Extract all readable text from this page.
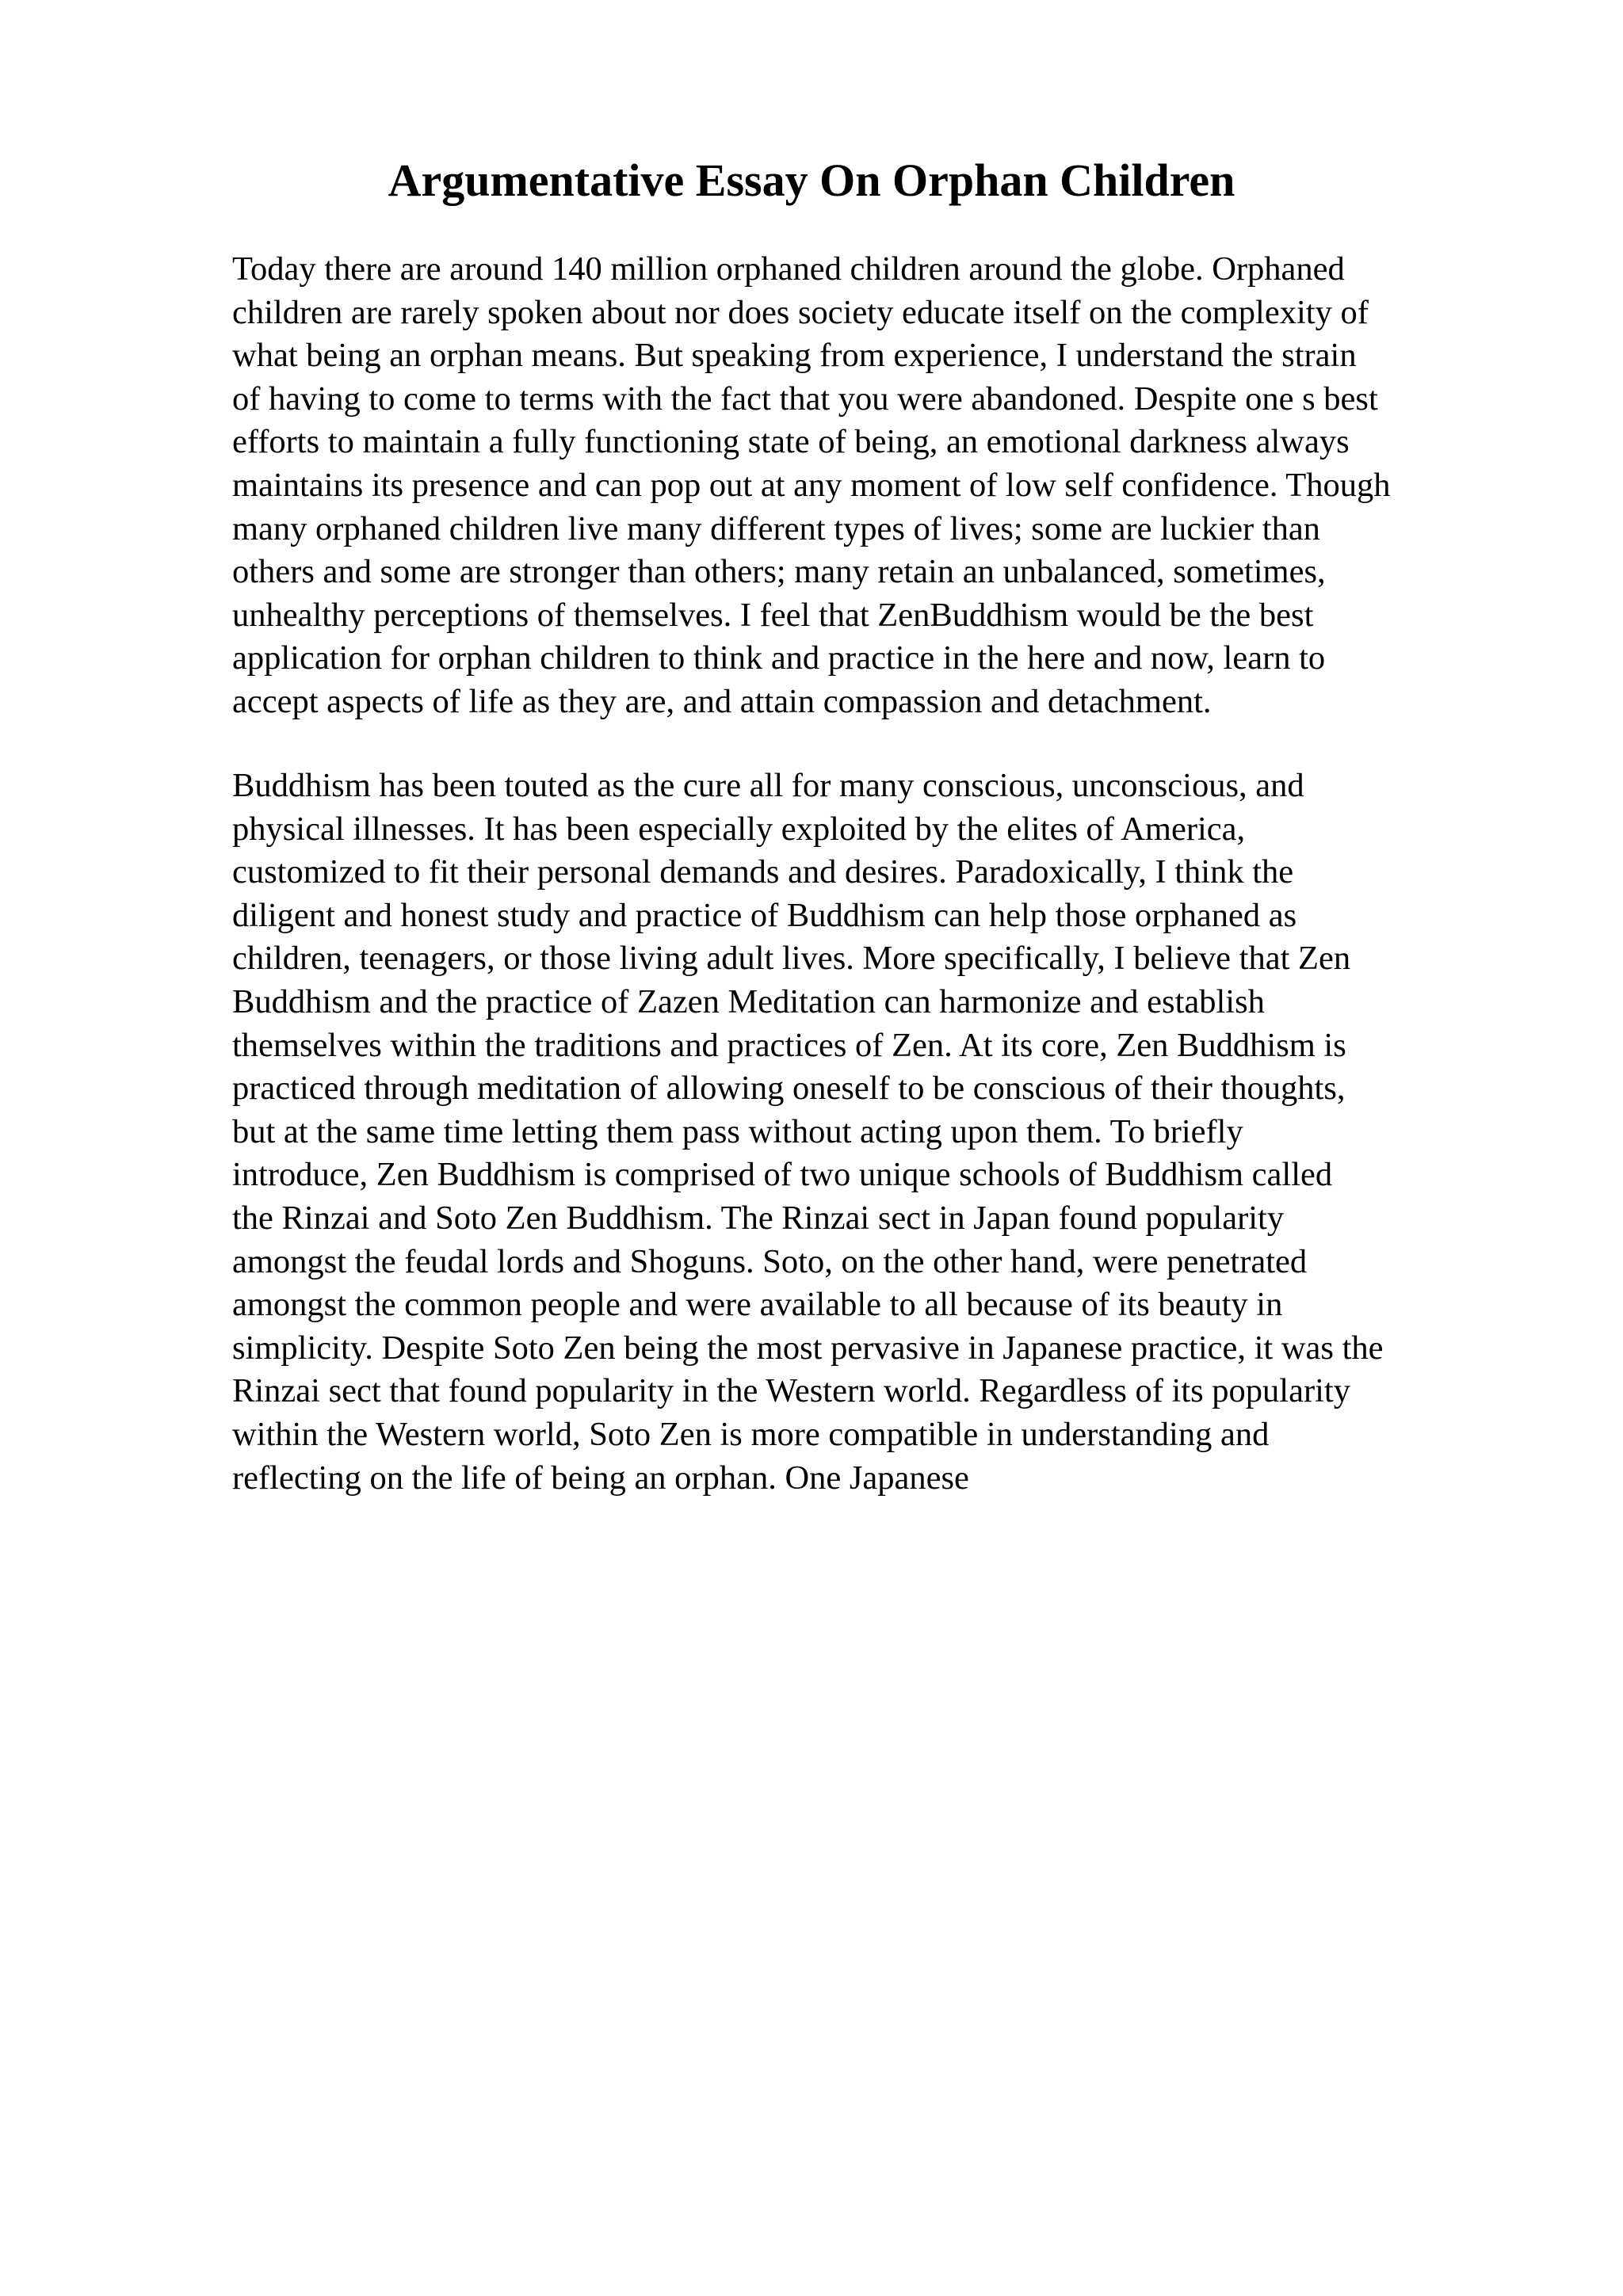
Argumentative Essay On Orphan Children

Today there are around 140 million orphaned children around the globe. Orphaned
children are rarely spoken about nor does society educate itself on the complexity of
what being an orphan means. But speaking from experience, I understand the strain
of having to come to terms with the fact that you were abandoned. Despite one s best
efforts to maintain a fully functioning state of being, an emotional darkness always
maintains its presence and can pop out at any moment of low self confidence. Though
many orphaned children live many different types of lives; some are luckier than
others and some are stronger than others; many retain an unbalanced, sometimes,
unhealthy perceptions of themselves. I feel that ZenBuddhism would be the best
application for orphan children to think and practice in the here and now, learn to
accept aspects of life as they are, and attain compassion and detachment.

Buddhism has been touted as the cure all for many conscious, unconscious, and
physical illnesses. It has been especially exploited by the elites of America,
customized to fit their personal demands and desires. Paradoxically, I think the
diligent and honest study and practice of Buddhism can help those orphaned as
children, teenagers, or those living adult lives. More specifically, I believe that Zen
Buddhism and the practice of Zazen Meditation can harmonize and establish
themselves within the traditions and practices of Zen. At its core, Zen Buddhism is
practiced through meditation of allowing oneself to be conscious of their thoughts,
but at the same time letting them pass without acting upon them. To briefly
introduce, Zen Buddhism is comprised of two unique schools of Buddhism called
the Rinzai and Soto Zen Buddhism. The Rinzai sect in Japan found popularity
amongst the feudal lords and Shoguns. Soto, on the other hand, were penetrated
amongst the common people and were available to all because of its beauty in
simplicity. Despite Soto Zen being the most pervasive in Japanese practice, it was the
Rinzai sect that found popularity in the Western world. Regardless of its popularity
within the Western world, Soto Zen is more compatible in understanding and
reflecting on the life of being an orphan. One Japanese
